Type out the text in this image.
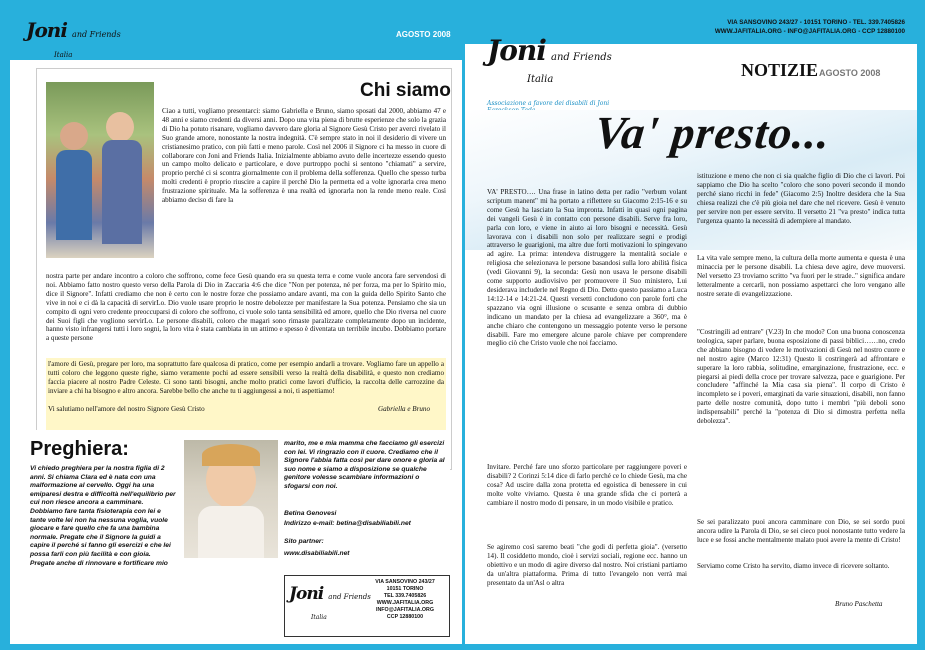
Joni and Friends
Italia
AGOSTO 2008
Chi siamo

Ciao a tutti, vogliamo presentarci: siamo Gabriella e Bruno, siamo sposati dal 2000, abbiamo 47 e 48 anni e siamo credenti da diversi anni. Dopo una vita piena di brutte esperienze che solo la grazia di Dio ha potuto risanare, vogliamo davvero dare gloria al Signore Gesù Cristo per averci rivelato il Suo grande amore, nonostante la nostra indegnità. C'è sempre stato in noi il desiderio di vivere un cristianesimo pratico, con più fatti e meno parole. Così nel 2006 il Signore ci ha messo in cuore di collaborare con Joni and Friends Italia. Inizialmente abbiamo avuto delle incertezze essendo questo un campo molto delicato e particolare, e dove purtroppo pochi si sentono "chiamati" a servire, proprio perché ci si scontra giornalmente con il problema della sofferenza. Quello che spesso turba molti credenti è proprio riuscire a capire il perché Dio la permetta ed a volte ignorarla crea meno frustrazione spirituale. Ma la sofferenza è una realtà ed ignorarla non la rende meno reale. Così abbiamo deciso di fare la

nostra parte per andare incontro a coloro che soffrono, come fece Gesù quando era su questa terra e come vuole ancora fare servendosi di noi. Abbiamo fatto nostro questo verso della Parola di Dio in Zaccaria 4:6 che dice "Non per potenza, né per forza, ma per lo Spirito mio, dice il Signore". Infatti crediamo che non è certo con le nostre forze che possiamo andare avanti, ma con la guida dello Spirito Santo che vive in noi e ci dà la capacità di servirLo. Dio vuole usare proprio le nostre debolezze per manifestare la Sua potenza. Pensiamo che sia un compito di ogni vero credente preoccuparsi di coloro che soffrono, ci vuole solo tanta sensibilità ed amore, quello che Dio riversa nel cuore dei Suoi figli che vogliono servirLo. Le persone disabili, coloro che magari sono rimaste paralizzate completamente dopo un incidente, hanno visto infrangersi tutti i loro sogni, la loro vita è stata cambiata in un attimo e spesso è diventata un terribile incubo. Dobbiamo portare a queste persone

l'amore di Gesù, pregare per loro, ma soprattutto fare qualcosa di pratico, come per esempio andarli a trovare. Vogliamo fare un appello a tutti coloro che leggono queste righe, siamo veramente pochi ad essere sensibili verso la realtà della disabilità, e questo non crediamo faccia piacere al nostro Padre Celeste. Ci sono tanti bisogni, anche molto pratici come lavori d'ufficio, la raccolta delle carrozzine da inviare a chi ha bisogno e altro ancora. Sarebbe bello che anche tu ti aggiungessi a noi, ti aspettiamo!

Vi salutiamo nell'amore del nostro Signore Gesù Cristo	Gabriella e Bruno
Preghiera:

Vi chiedo preghiera per la nostra figlia di 2 anni. Si chiama Clara ed è nata con una malformazione al cervello. Oggi ha una emiparesi destra e difficoltà nell'equilibrio per cui non riesce ancora a camminare. Dobbiamo fare tanta fisioterapia con lei e tante volte lei non ha nessuna voglia, vuole giocare e fare quello che fa una bambina normale. Pregate che il Signore la guidi a capire il perché si fanno gli esercizi e che lei possa farli con più facilità e con gioia. Pregate anche di rinnovare e fortificare mio

marito, me e mia mamma che facciamo gli esercizi con lei. Vi ringrazio con il cuore. Crediamo che il Signore l'abbia fatta così per dare onore e gloria al suo nome e siamo a disposizione se qualche genitore volesse scambiare informazioni o sfogarsi con noi.

Betina Genovesi
Indirizzo e-mail: betina@disabiliabili.net
Sito partner:
www.disabiliabili.net
Joni and Friends
Italia
VIA SANSOVINO 243/27
10151 TORINO
TEL 339.7405826
WWW.JAFITALIA.ORG
INFO@JAFITALIA.ORG
CCP 12880100
VIA SANSOVINO 243/27 - 10151 TORINO - TEL. 339.7405826
WWW.JAFITALIA.ORG - INFO@JAFITALIA.ORG - CCP 12880100
Joni and Friends
Italia
Associazione a favore dei disabili di Joni
NOTIZIE AGOSTO 2008
Va' presto...

VA' PRESTO…. Una frase in latino detta per radio "verbum volant scriptum manent" mi ha portato a riflettere su Giacomo 2:15-16 e su come Gesù ha lasciato la Sua impronta. Infatti in quasi ogni pagina dei vangeli Gesù è in contatto con persone disabili. Serve fra loro, parla con loro, e viene in aiuto ai loro bisogni e necessità. Gesù lavorava con i disabili non solo per realizzare segni e prodigi attraverso le guarigioni, ma altre due forti motivazioni lo spingevano ad agire. La prima: intendeva distruggere la mentalità sociale e religiosa che selezionava le persone basandosi sulla loro abilità fisica (vedi Giovanni 9), la seconda: Gesù non usava le persone disabili come supporto audiovisivo per promuovere il Suo ministero, Lui desiderava includerle nel Regno di Dio. Detto questo passiamo a Luca 14:12-14 e 14:21-24. Questi versetti concludono con parole forti che spazzano via ogni illusione o scusante e senza ombra di dubbio indicano un mandato per la chiesa ad evangelizzare a 360°, ma è anche chiaro che contengono un messaggio potente verso le persone disabili. Fare mo emergere alcune parole chiave per comprendere meglio ciò che Cristo vuole che noi facciamo.

Invitare. Perché fare uno sforzo particolare per raggiungere poveri e disabili? 2 Corinzi 5:14 dice di farlo perché ce lo chiede Gesù, ma che cosa? Ad uscire dalla zona protetta ed egoistica di benessere in cui molte volte viviamo. Questa è una grande sfida che ci porterà a cambiare il nostro modo di pensare, in un modo visibile e pratico.

Se agiremo così saremo beati "che godi di perfetta gioia". (versetto 14). Il cosiddetto mondo, cioè i servizi sociali, regione ecc. hanno un obiettivo e un modo di agire diverso dal nostro. Noi cristiani partiamo da un'altra piattaforma. Prima di tutto l'evangelo non verrà mai presentato da un'Asl o altra

istituzione e meno che non ci sia qualche figlio di Dio che ci lavori. Poi sappiamo che Dio ha scelto "coloro che sono poveri secondo il mondo perché siano ricchi in fede" (Giacomo 2:5) Inoltre desidera che la Sua chiesa realizzi che c'è più gioia nel dare che nel ricevere. Gesù è venuto per servire non per essere servito. Il versetto 21 "va presto" indica tutta l'urgenza quanto la necessità di adempiere al mandato.

La vita vale sempre meno, la cultura della morte aumenta e questa è una minaccia per le persone disabili. La chiesa deve agire, deve muoversi. Nel versetto 23 troviamo scritto "va fuori per le strade.." significa andare letteralmente a cercarli, non possiamo aspettarci che loro vengano alle nostre serate di evangelizzazione.

"Costringili ad entrare" (V.23) In che modo? Con una buona conoscenza teologica, saper parlare, buona esposizione di passi biblici……no, credo che abbiano bisogno di vedere le motivazioni di Gesù nel nostro cuore e nel nostro agire (Marco 12:31) Questo li costringerà ad affrontare e superare la loro rabbia, solitudine, emarginazione, frustrazione, ecc. e piegarsi ai piedi della croce per trovare salvezza, pace e guarigione. Per concludere "affinché la Mia casa sia piena". Il corpo di Cristo è incompleto se i poveri, emarginati da varie situazioni, disabili, non fanno parte delle nostre comunità, dopo tutto i membri "più deboli sono indispensabili" perché la "potenza di Dio si dimostra perfetta nella debolezza".

Se sei paralizzato puoi ancora camminare con Dio, se sei sordo puoi ancora udire la Parola di Dio, se sei cieco puoi nonostante tutto vedere la luce e se fossi anche mentalmente malato puoi avere la mente di Cristo!

Serviamo come Cristo ha servito, diamo invece di ricevere soltanto.

Bruno Paschetta
